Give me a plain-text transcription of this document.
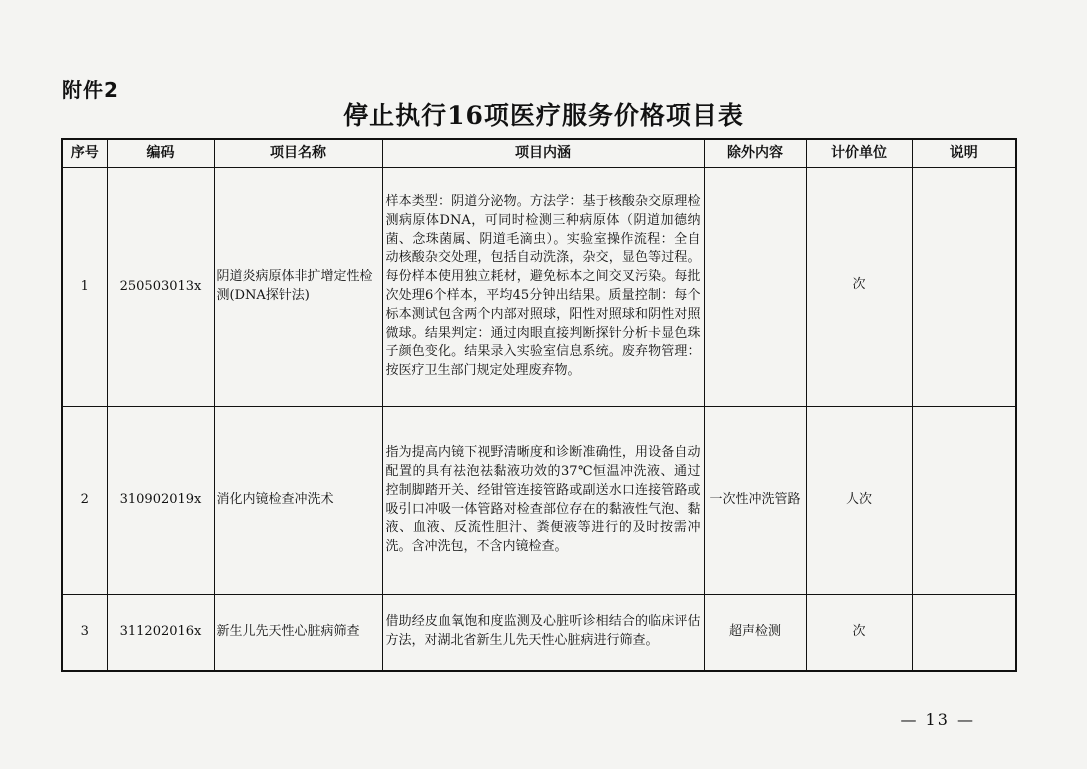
附件2
停止执行16项医疗服务价格项目表
序号	编码	项目名称	项目内涵	除外内容	计价单位	说明
1	250503013x	阴道炎病原体非扩增定性检测(DNA探针法)	样本类型：阴道分泌物。方法学：基于核酸杂交原理检测病原体DNA，可同时检测三种病原体（阴道加德纳菌、念珠菌属、阴道毛滴虫）。实验室操作流程：全自动核酸杂交处理，包括自动洗涤，杂交，显色等过程。每份样本使用独立耗材，避免标本之间交叉污染。每批次处理6个样本，平均45分钟出结果。质量控制：每个标本测试包含两个内部对照球，阳性对照球和阴性对照微球。结果判定：通过肉眼直接判断探针分析卡显色珠子颜色变化。结果录入实验室信息系统。废弃物管理：按医疗卫生部门规定处理废弃物。		次	
2	310902019x	消化内镜检查冲洗术	指为提高内镜下视野清晰度和诊断准确性，用设备自动配置的具有祛泡祛黏液功效的37℃恒温冲洗液、通过控制脚踏开关、经钳管连接管路或副送水口连接管路或吸引口冲吸一体管路对检查部位存在的黏液性气泡、黏液、血液、反流性胆汁、粪便液等进行的及时按需冲洗。含冲洗包，不含内镜检查。	一次性冲洗管路	人次	
3	311202016x	新生儿先天性心脏病筛查	借助经皮血氧饱和度监测及心脏听诊相结合的临床评估方法，对湖北省新生儿先天性心脏病进行筛查。	超声检测	次	
— 13 —
